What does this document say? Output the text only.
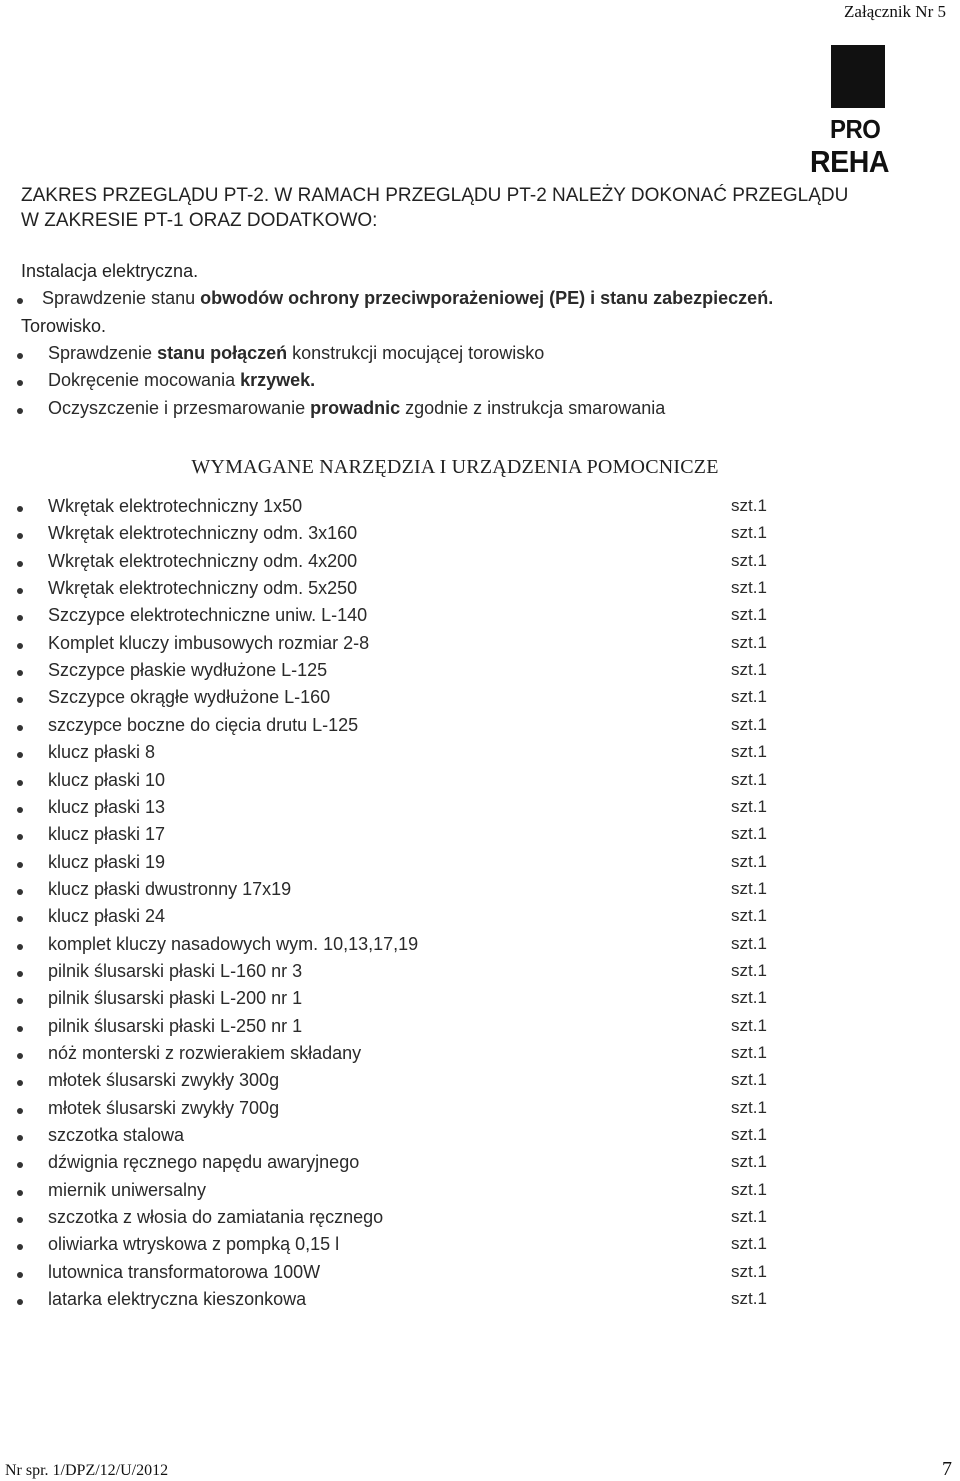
Załącznik Nr 5
PRO
REHA
ZAKRES PRZEGLĄDU PT-2. W RAMACH PRZEGLĄDU PT-2 NALEŻY DOKONAĆ PRZEGLĄDU
W ZAKRESIE PT-1 ORAZ DODATKOWO:
Instalacja elektryczna.
Sprawdzenie stanu obwodów ochrony przeciwporażeniowej (PE) i stanu zabezpieczeń.
Torowisko.
Sprawdzenie stanu połączeń konstrukcji mocującej torowisko
Dokręcenie mocowania krzywek.
Oczyszczenie i przesmarowanie prowadnic zgodnie z instrukcja smarowania
WYMAGANE NARZĘDZIA I URZĄDZENIA POMOCNICZE
Wkrętak elektrotechniczny 1x50	szt.1
Wkrętak elektrotechniczny odm. 3x160	szt.1
Wkrętak elektrotechniczny odm. 4x200	szt.1
Wkrętak elektrotechniczny odm. 5x250	szt.1
Szczypce elektrotechniczne uniw. L-140	szt.1
Komplet kluczy imbusowych rozmiar 2-8	szt.1
Szczypce płaskie wydłużone L-125	szt.1
Szczypce okrągłe wydłużone L-160	szt.1
szczypce boczne do cięcia drutu L-125	szt.1
klucz płaski 8	szt.1
klucz płaski 10	szt.1
klucz płaski 13	szt.1
klucz płaski 17	szt.1
klucz płaski 19	szt.1
klucz płaski dwustronny 17x19	szt.1
klucz płaski 24	szt.1
komplet kluczy nasadowych wym. 10,13,17,19	szt.1
pilnik ślusarski płaski L-160 nr 3	szt.1
pilnik ślusarski płaski L-200 nr 1	szt.1
pilnik ślusarski płaski L-250 nr 1	szt.1
nóż monterski z rozwierakiem składany	szt.1
młotek ślusarski zwykły 300g	szt.1
młotek ślusarski zwykły 700g	szt.1
szczotka stalowa	szt.1
dźwignia ręcznego napędu awaryjnego	szt.1
miernik uniwersalny	szt.1
szczotka z włosia do zamiatania ręcznego	szt.1
oliwiarka wtryskowa z pompką 0,15 l	szt.1
lutownica transformatorowa 100W	szt.1
latarka elektryczna kieszonkowa	szt.1
Nr spr. 1/DPZ/12/U/2012	7
